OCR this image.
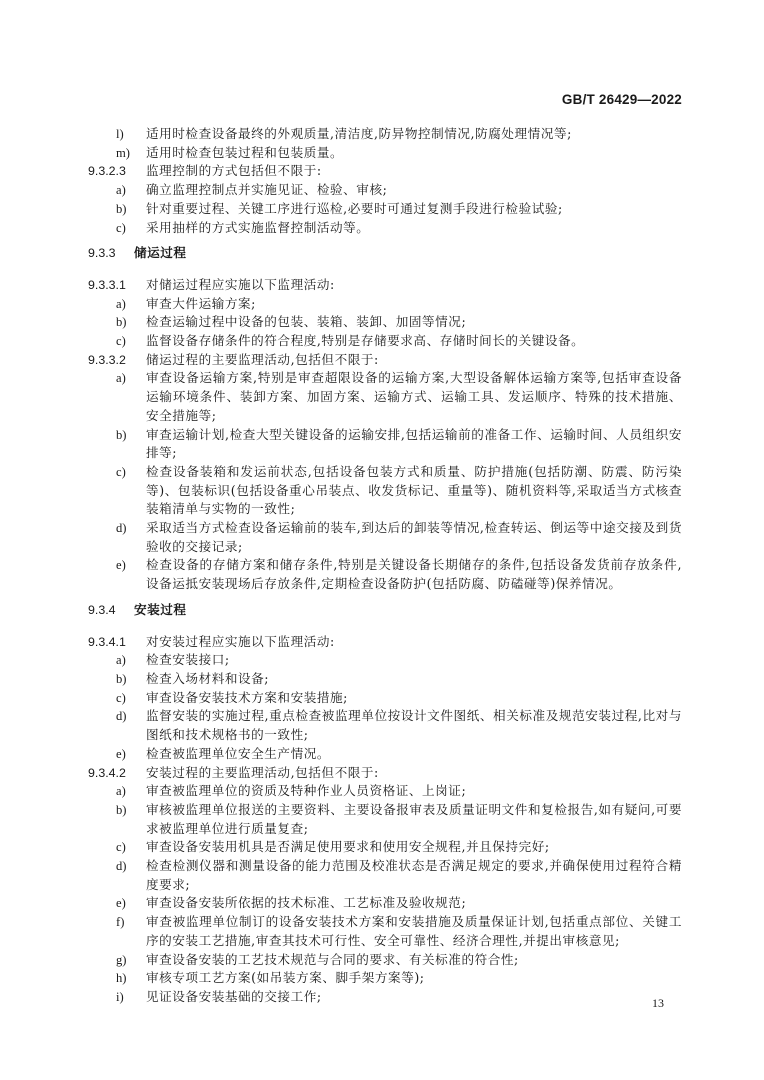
GB/T 26429—2022
l) 适用时检查设备最终的外观质量,清洁度,防异物控制情况,防腐处理情况等;
m) 适用时检查包装过程和包装质量。
9.3.2.3 监理控制的方式包括但不限于:
a) 确立监理控制点并实施见证、检验、审核;
b) 针对重要过程、关键工序进行巡检,必要时可通过复测手段进行检验试验;
c) 采用抽样的方式实施监督控制活动等。
9.3.3 储运过程
9.3.3.1 对储运过程应实施以下监理活动:
a) 审查大件运输方案;
b) 检查运输过程中设备的包装、装箱、装卸、加固等情况;
c) 监督设备存储条件的符合程度,特别是存储要求高、存储时间长的关键设备。
9.3.3.2 储运过程的主要监理活动,包括但不限于:
a) 审查设备运输方案,特别是审查超限设备的运输方案,大型设备解体运输方案等,包括审查设备运输环境条件、装卸方案、加固方案、运输方式、运输工具、发运顺序、特殊的技术措施、安全措施等;
b) 审查运输计划,检查大型关键设备的运输安排,包括运输前的准备工作、运输时间、人员组织安排等;
c) 检查设备装箱和发运前状态,包括设备包装方式和质量、防护措施(包括防潮、防震、防污染等)、包装标识(包括设备重心吊装点、收发货标记、重量等)、随机资料等,采取适当方式核查装箱清单与实物的一致性;
d) 采取适当方式检查设备运输前的装车,到达后的卸装等情况,检查转运、倒运等中途交接及到货验收的交接记录;
e) 检查设备的存储方案和储存条件,特别是关键设备长期储存的条件,包括设备发货前存放条件,设备运抵安装现场后存放条件,定期检查设备防护(包括防腐、防磕碰等)保养情况。
9.3.4 安装过程
9.3.4.1 对安装过程应实施以下监理活动:
a) 检查安装接口;
b) 检查入场材料和设备;
c) 审查设备安装技术方案和安装措施;
d) 监督安装的实施过程,重点检查被监理单位按设计文件图纸、相关标准及规范安装过程,比对与图纸和技术规格书的一致性;
e) 检查被监理单位安全生产情况。
9.3.4.2 安装过程的主要监理活动,包括但不限于:
a) 审查被监理单位的资质及特种作业人员资格证、上岗证;
b) 审核被监理单位报送的主要资料、主要设备报审表及质量证明文件和复检报告,如有疑问,可要求被监理单位进行质量复查;
c) 审查设备安装用机具是否满足使用要求和使用安全规程,并且保持完好;
d) 检查检测仪器和测量设备的能力范围及校准状态是否满足规定的要求,并确保使用过程符合精度要求;
e) 审查设备安装所依据的技术标准、工艺标准及验收规范;
f) 审查被监理单位制订的设备安装技术方案和安装措施及质量保证计划,包括重点部位、关键工序的安装工艺措施,审查其技术可行性、安全可靠性、经济合理性,并提出审核意见;
g) 审查设备安装的工艺技术规范与合同的要求、有关标准的符合性;
h) 审核专项工艺方案(如吊装方案、脚手架方案等);
i) 见证设备安装基础的交接工作;	13
